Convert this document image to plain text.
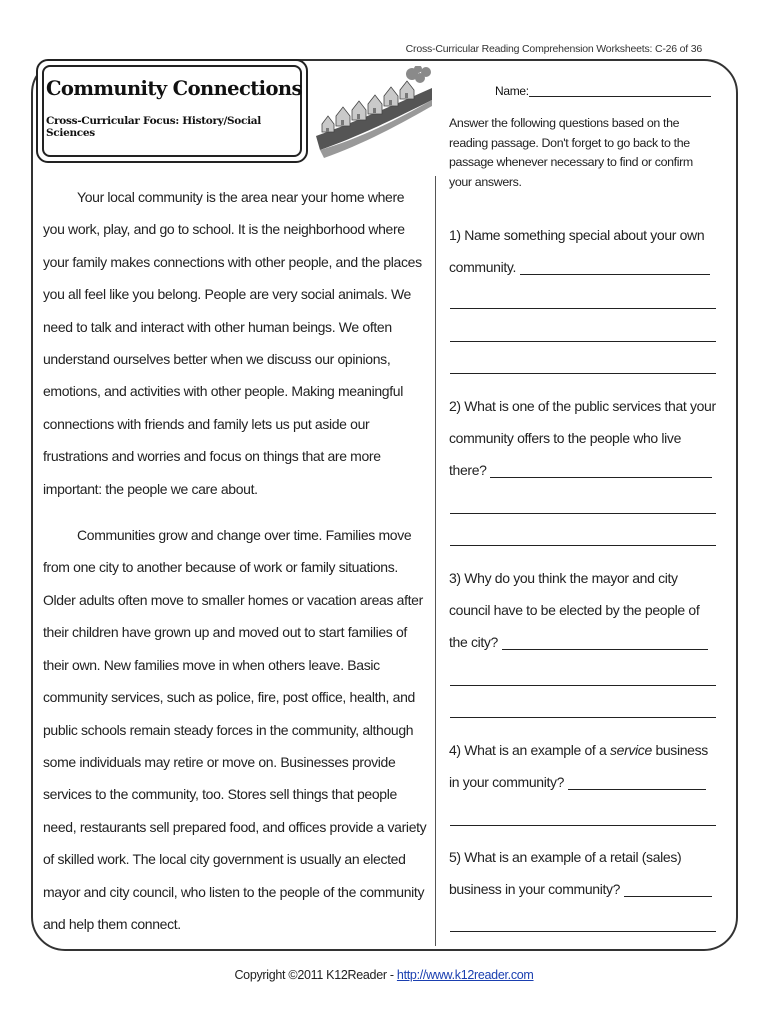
Cross-Curricular Reading Comprehension Worksheets: C-26 of 36
Community Connections
Cross-Curricular Focus: History/Social Sciences

Your local community is the area near your home where you work, play, and go to school. It is the neighborhood where your family makes connections with other people, and the places you all feel like you belong. People are very social animals. We need to talk and interact with other human beings. We often understand ourselves better when we discuss our opinions, emotions, and activities with other people. Making meaningful connections with friends and family lets us put aside our frustrations and worries and focus on things that are more important: the people we care about.

Communities grow and change over time. Families move from one city to another because of work or family situations. Older adults often move to smaller homes or vacation areas after their children have grown up and moved out to start families of their own. New families move in when others leave. Basic community services, such as police, fire, post office, health, and public schools remain steady forces in the community, although some individuals may retire or move on. Businesses provide services to the community, too. Stores sell things that people need, restaurants sell prepared food, and offices provide a variety of skilled work. The local city government is usually an elected mayor and city council, who listen to the people of the community and help them connect.

Name:

Answer the following questions based on the reading passage. Don't forget to go back to the passage whenever necessary to find or confirm your answers.

1) Name something special about your own community.

2) What is one of the public services that your community offers to the people who live there?

3) Why do you think the mayor and city council have to be elected by the people of the city?

4) What is an example of a service business in your community?

5) What is an example of a retail (sales) business in your community?

Copyright ©2011 K12Reader - http://www.k12reader.com
